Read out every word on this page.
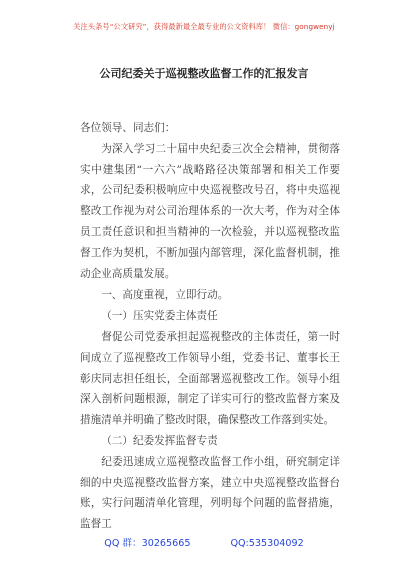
关注头条号“公文研究”，获得最新最全最专业的公文资料库！ 微信：gongwenyj
公司纪委关于巡视整改监督工作的汇报发言

各位领导、同志们：

为深入学习二十届中央纪委三次全会精神，贯彻落实中建集团“一六六”战略路径决策部署和相关工作要求，公司纪委积极响应中央巡视整改号召，将中央巡视整改工作视为对公司治理体系的一次大考，作为对全体员工责任意识和担当精神的一次检验，并以巡视整改监督工作为契机，不断加强内部管理，深化监督机制，推动企业高质量发展。

一、高度重视，立即行动。

（一）压实党委主体责任

督促公司党委承担起巡视整改的主体责任，第一时间成立了巡视整改工作领导小组，党委书记、董事长王彰庆同志担任组长，全面部署巡视整改工作。领导小组深入剖析问题根源，制定了详实可行的整改监督方案及措施清单并明确了整改时限，确保整改工作落到实处。

（二）纪委发挥监督专责

纪委迅速成立巡视整改监督工作小组，研究制定详细的中央巡视整改监督方案，建立中央巡视整改监督台账，实行问题清单化管理，列明每个问题的监督措施，监督工

QQ 群：30265665	QQ:535304092
